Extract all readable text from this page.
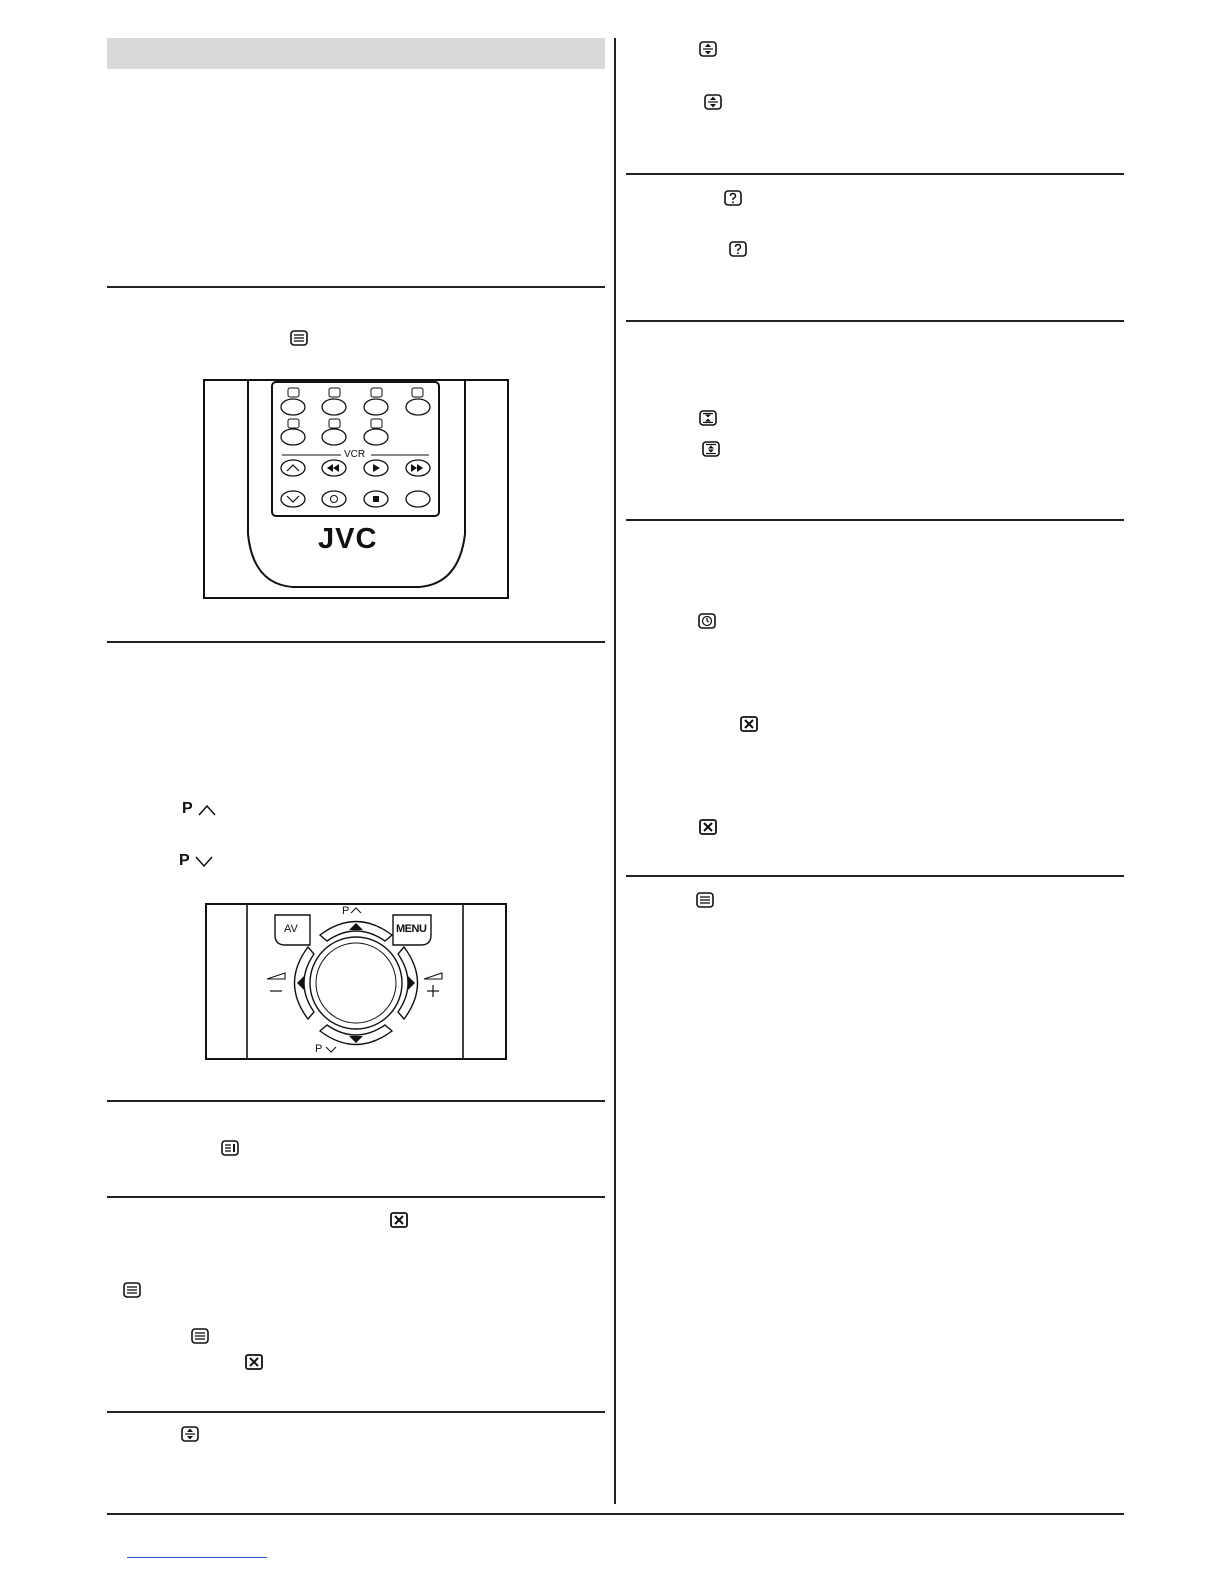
P
P
VCR
JVC
AV	MENU
P
P
